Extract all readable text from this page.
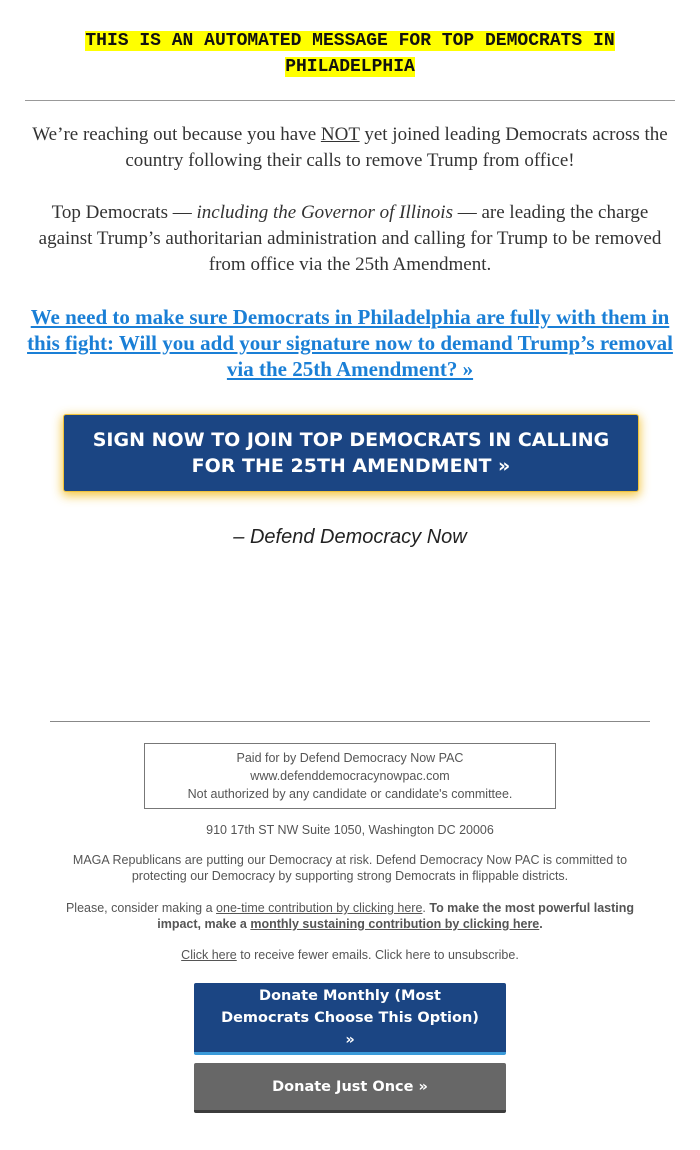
THIS IS AN AUTOMATED MESSAGE FOR TOP DEMOCRATS IN PHILADELPHIA
We’re reaching out because you have NOT yet joined leading Democrats across the country following their calls to remove Trump from office!
Top Democrats — including the Governor of Illinois — are leading the charge against Trump’s authoritarian administration and calling for Trump to be removed from office via the 25th Amendment.
We need to make sure Democrats in Philadelphia are fully with them in this fight: Will you add your signature now to demand Trump’s removal via the 25th Amendment? »
SIGN NOW TO JOIN TOP DEMOCRATS IN CALLING FOR THE 25TH AMENDMENT »
– Defend Democracy Now
Paid for by Defend Democracy Now PAC
www.defenddemocracynowpac.com
Not authorized by any candidate or candidate's committee.
910 17th ST NW Suite 1050, Washington DC 20006
MAGA Republicans are putting our Democracy at risk. Defend Democracy Now PAC is committed to protecting our Democracy by supporting strong Democrats in flippable districts.
Please, consider making a one-time contribution by clicking here. To make the most powerful lasting impact, make a monthly sustaining contribution by clicking here.
Click here to receive fewer emails. Click here to unsubscribe.
Donate Monthly (Most Democrats Choose This Option) »
Donate Just Once »
